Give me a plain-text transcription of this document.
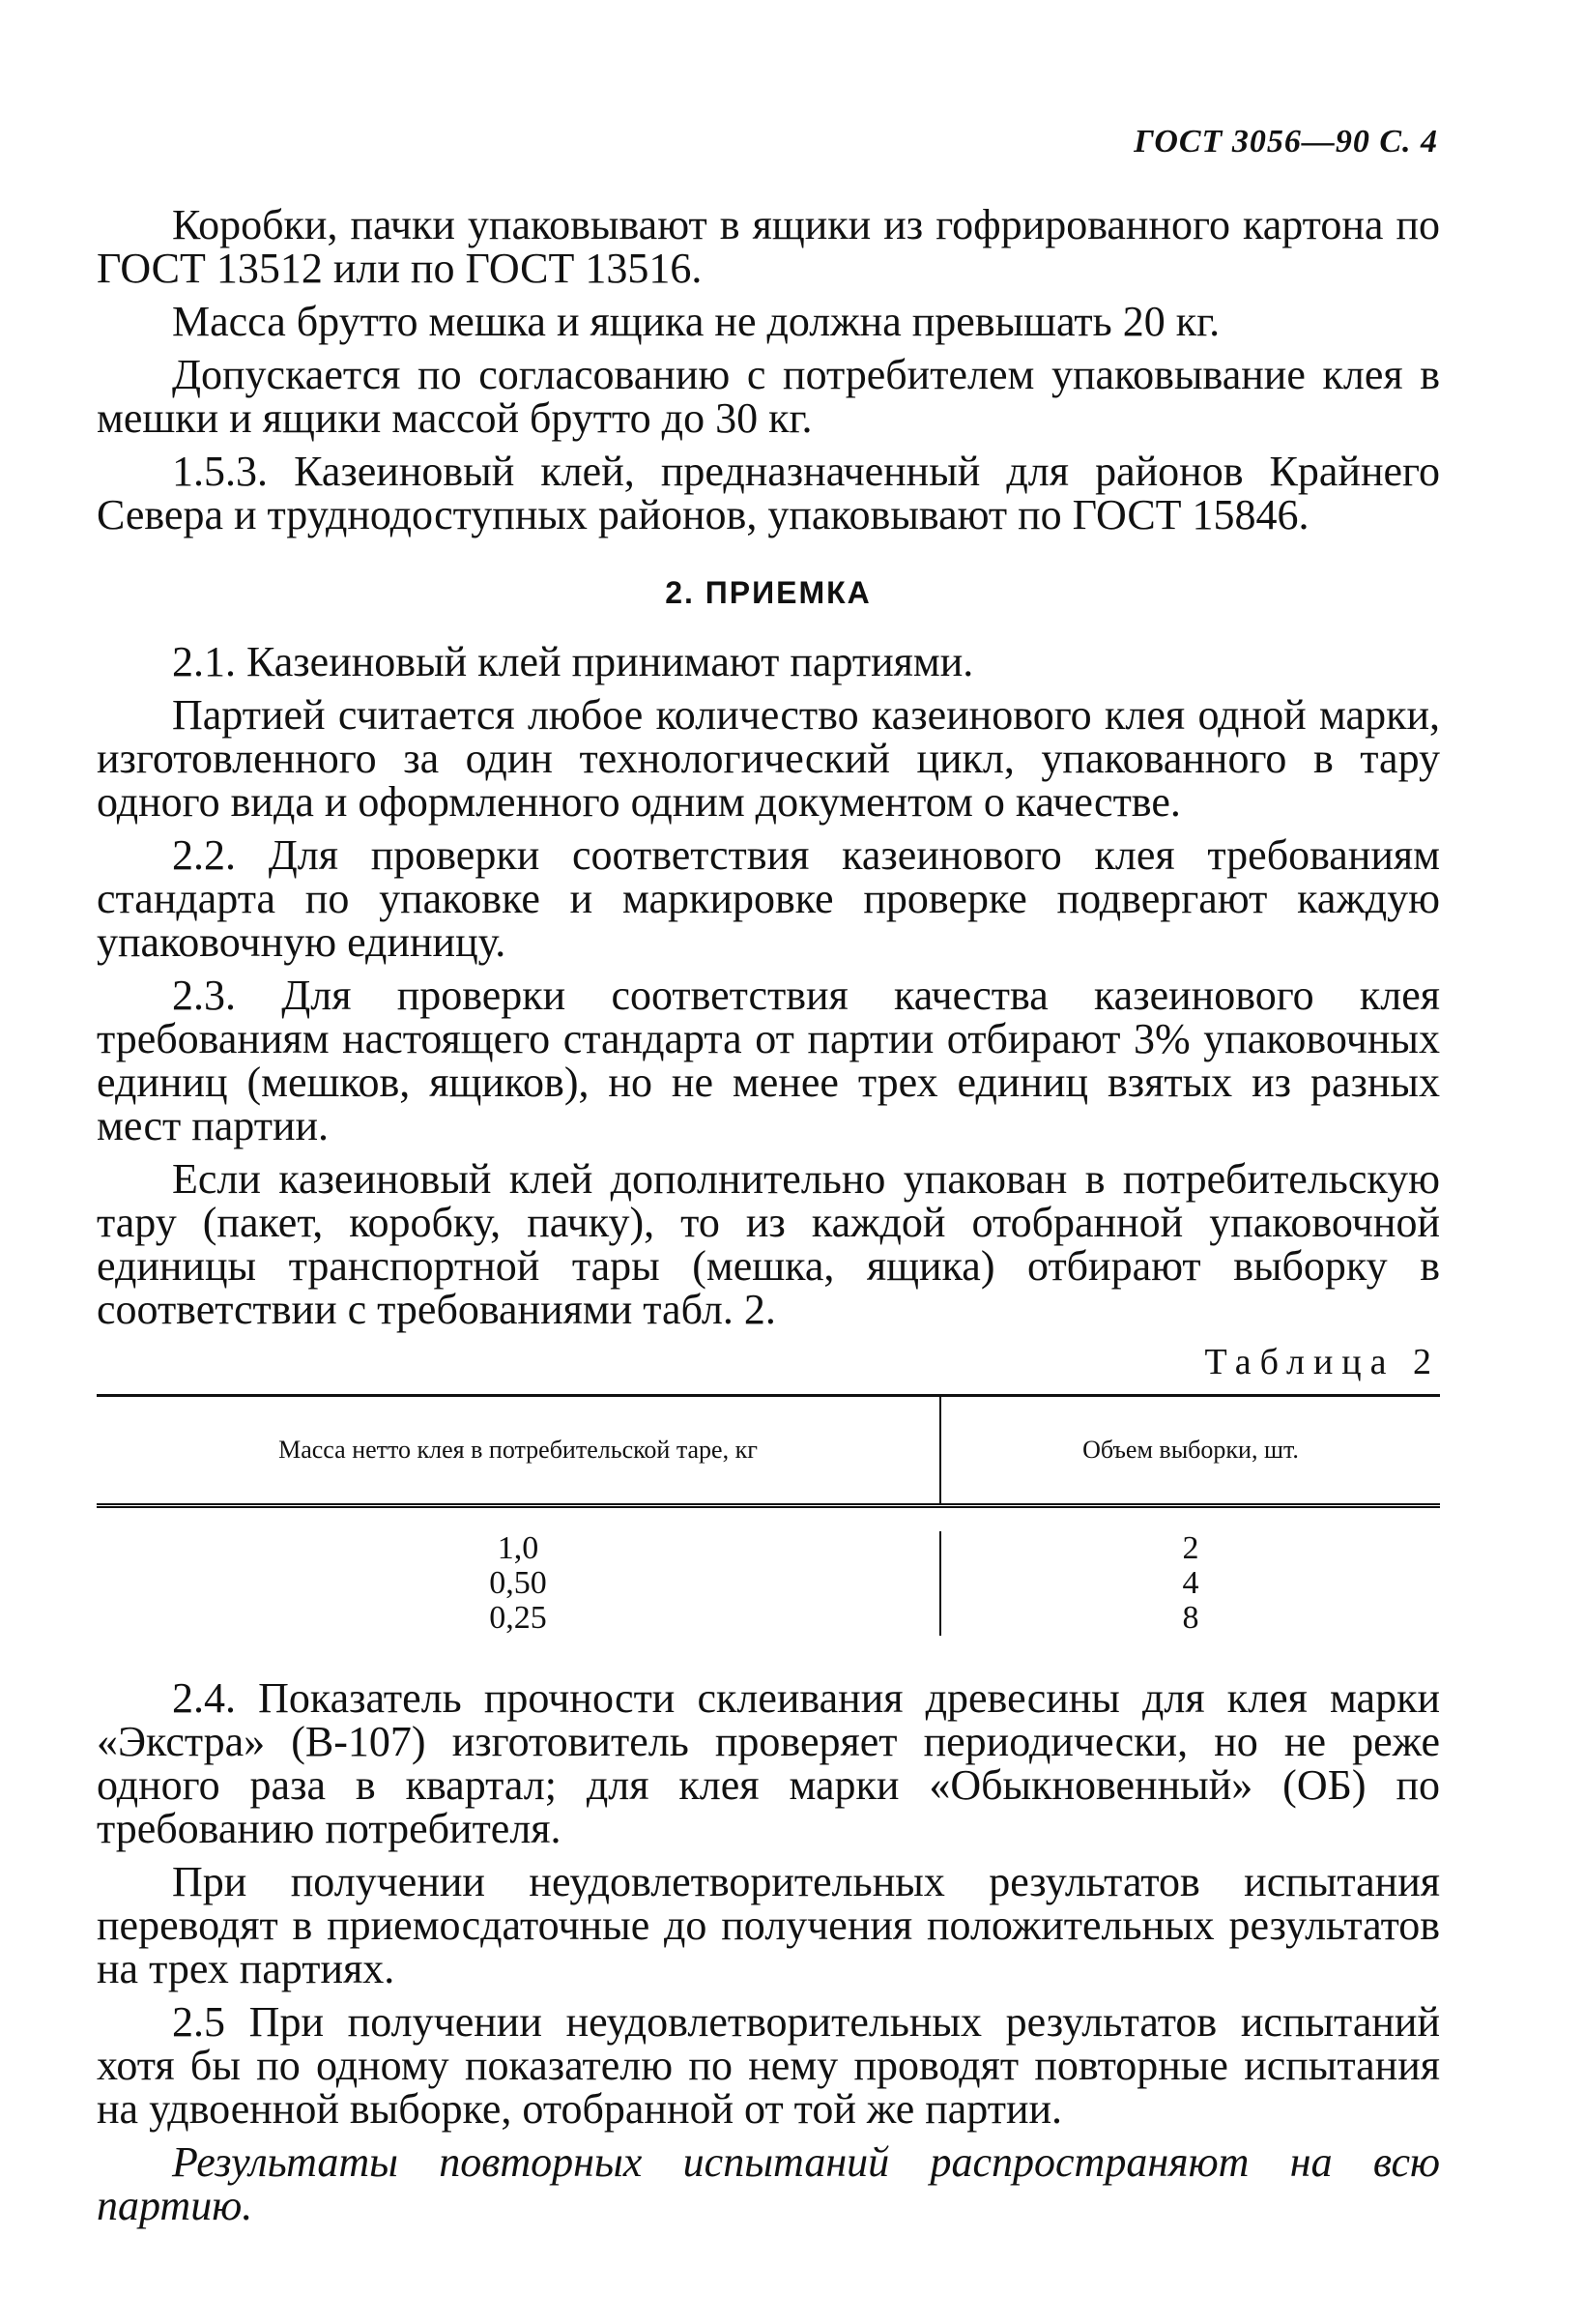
ГОСТ 3056—90 С. 4

Коробки, пачки упаковывают в ящики из гофрированного картона по ГОСТ 13512 или по ГОСТ 13516.

Масса брутто мешка и ящика не должна превышать 20 кг.

Допускается по согласованию с потребителем упаковывание клея в мешки и ящики массой брутто до 30 кг.

1.5.3. Казеиновый клей, предназначенный для районов Крайнего Севера и труднодоступных районов, упаковывают по ГОСТ 15846.

2. ПРИЕМКА

2.1. Казеиновый клей принимают партиями.

Партией считается любое количество казеинового клея одной марки, изготовленного за один технологический цикл, упакованного в тару одного вида и оформленного одним документом о качестве.

2.2. Для проверки соответствия казеинового клея требованиям стандарта по упаковке и маркировке проверке подвергают каждую упаковочную единицу.

2.3. Для проверки соответствия качества казеинового клея требованиям настоящего стандарта от партии отбирают 3% упаковочных единиц (мешков, ящиков), но не менее трех единиц взятых из разных мест партии.

Если казеиновый клей дополнительно упакован в потребительскую тару (пакет, коробку, пачку), то из каждой отобранной упаковочной единицы транспортной тары (мешка, ящика) отбирают выборку в соответствии с требованиями табл. 2.

Таблица 2
Масса нетто клея в потребительской таре, кг	Объем выборки, шт.
1,0
0,50
0,25
2
4
8

2.4. Показатель прочности склеивания древесины для клея марки «Экстра» (В-107) изготовитель проверяет периодически, но не реже одного раза в квартал; для клея марки «Обыкновенный» (ОБ) по требованию потребителя.

При получении неудовлетворительных результатов испытания переводят в приемосдаточные до получения положительных результатов на трех партиях.

2.5 При получении неудовлетворительных результатов испытаний хотя бы по одному показателю по нему проводят повторные испытания на удвоенной выборке, отобранной от той же партии.

Результаты повторных испытаний распространяют на всю партию.
